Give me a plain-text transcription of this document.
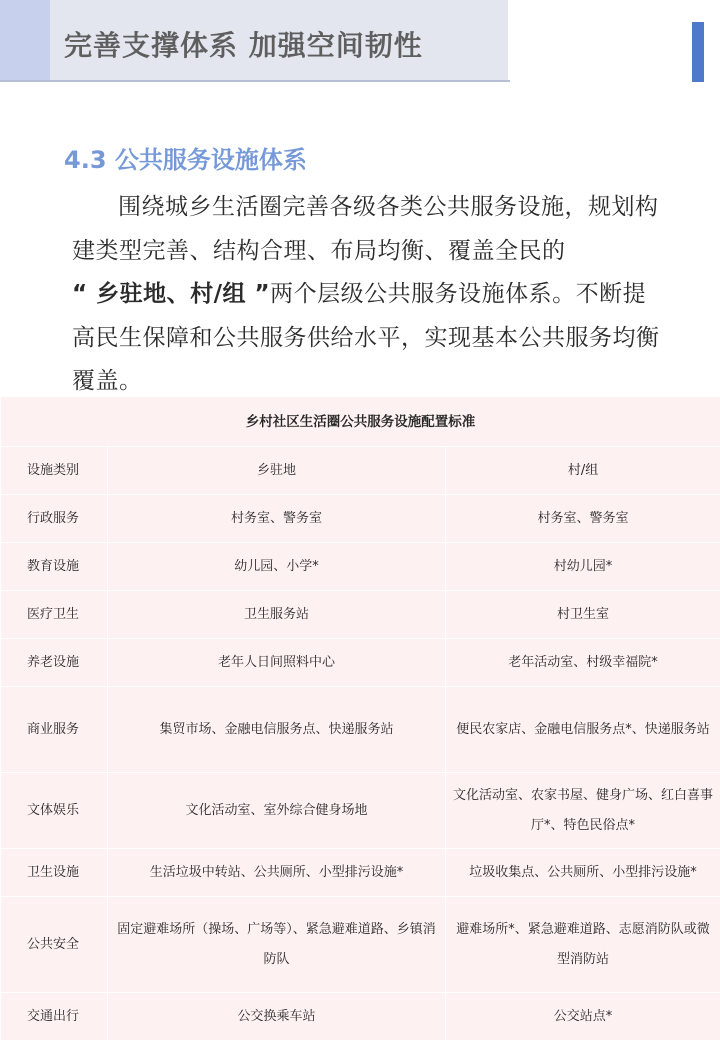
完善支撑体系 加强空间韧性
4.3 公共服务设施体系

围绕城乡生活圈完善各级各类公共服务设施，规划构建类型完善、结构合理、布局均衡、覆盖全民的
“ 乡驻地、村/组 ”两个层级公共服务设施体系。不断提高民生保障和公共服务供给水平，实现基本公共服务均衡覆盖。

乡村社区生活圈公共服务设施配置标准		
设施类别	乡驻地	村/组
行政服务	村务室、警务室	村务室、警务室
教育设施	幼儿园、小学*	村幼儿园*
医疗卫生	卫生服务站	村卫生室
养老设施	老年人日间照料中心	老年活动室、村级幸福院*
商业服务	集贸市场、金融电信服务点、快递服务站	便民农家店、金融电信服务点*、快递服务站
文体娱乐	文化活动室、室外综合健身场地	文化活动室、农家书屋、健身广场、红白喜事厅*、特色民俗点*
卫生设施	生活垃圾中转站、公共厕所、小型排污设施*	垃圾收集点、公共厕所、小型排污设施*
公共安全	固定避难场所（操场、广场等）、紧急避难道路、乡镇消防队	避难场所*、紧急避难道路、志愿消防队或微型消防站
交通出行	公交换乘车站	公交站点*
